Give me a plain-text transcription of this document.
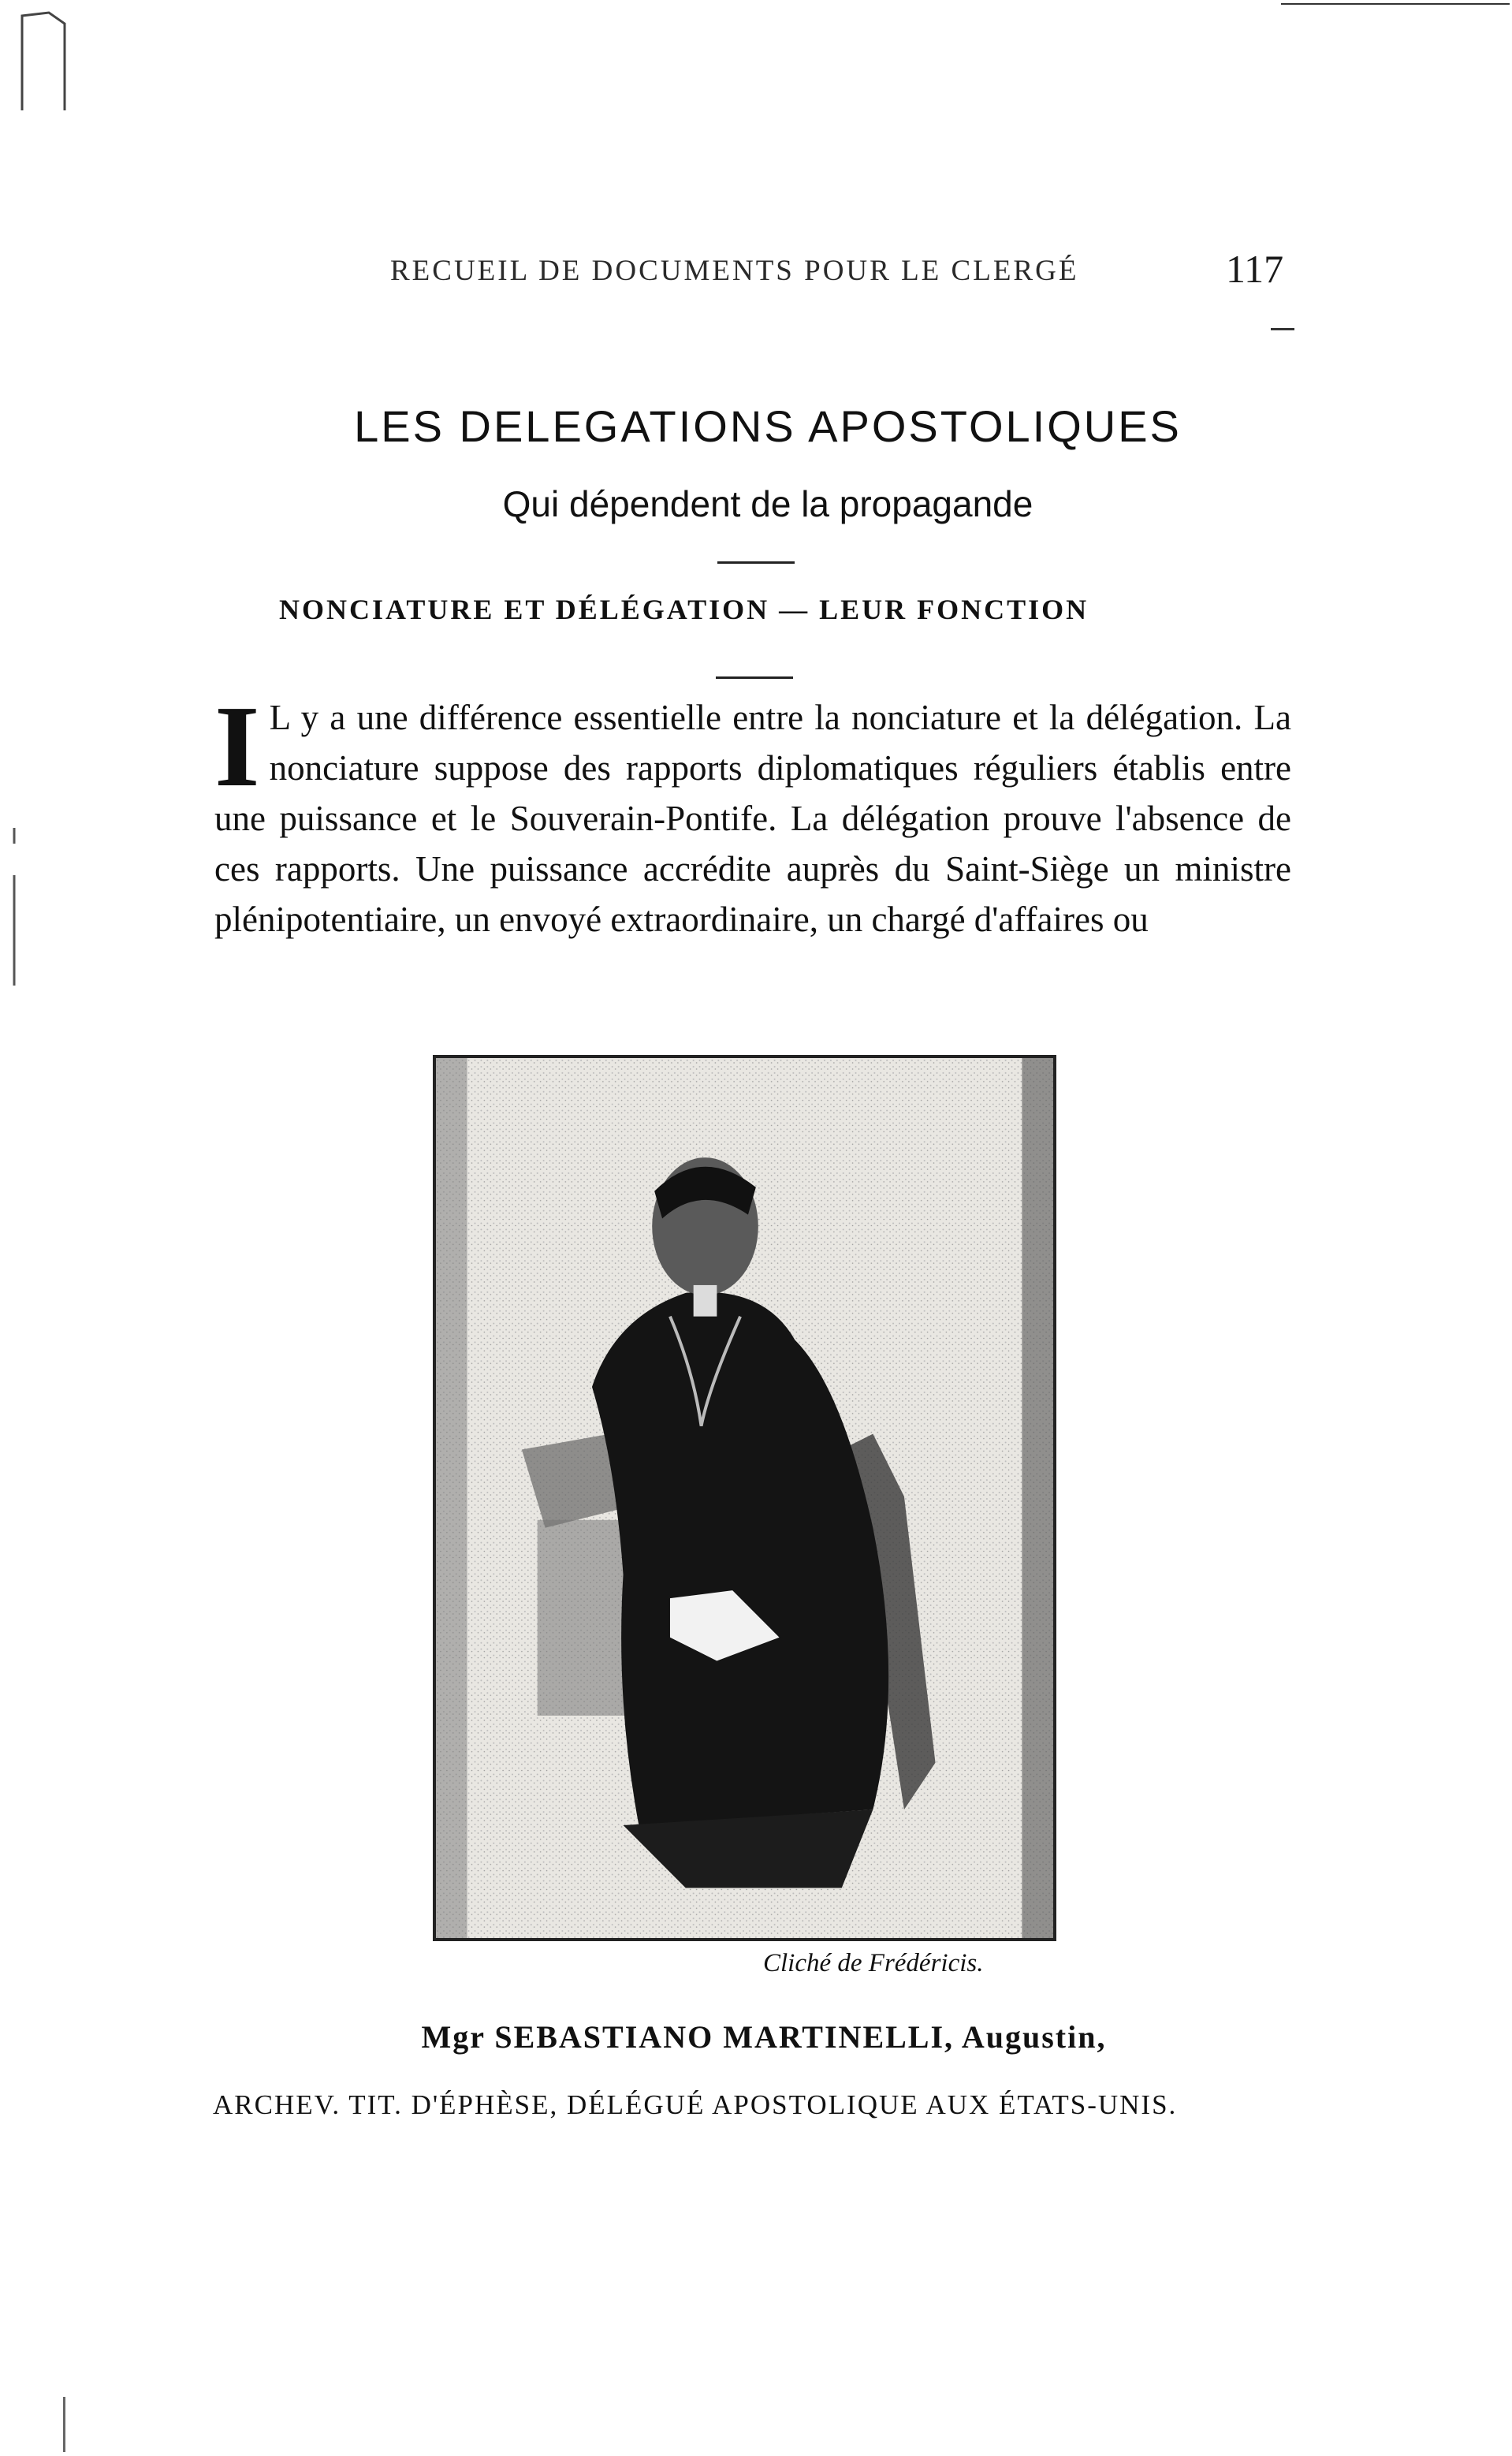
RECUEIL DE DOCUMENTS POUR LE CLERGÉ	117
LES DELEGATIONS APOSTOLIQUES
Qui dépendent de la propagande
NONCIATURE ET DÉLÉGATION — LEUR FONCTION
I L y a une différence essentielle entre la nonciature et la délégation. La nonciature suppose des rapports diplomatiques réguliers établis entre une puissance et le Souverain-Pontife. La délégation prouve l'absence de ces rapports. Une puissance accrédite auprès du Saint-Siège un ministre plénipotentiaire, un envoyé extraordinaire, un chargé d'affaires ou
Cliché de Frédéricis.
Mgr SEBASTIANO MARTINELLI, Augustin,
ARCHEV. TIT. D'ÉPHÈSE, DÉLÉGUÉ APOSTOLIQUE AUX ÉTATS-UNIS.
